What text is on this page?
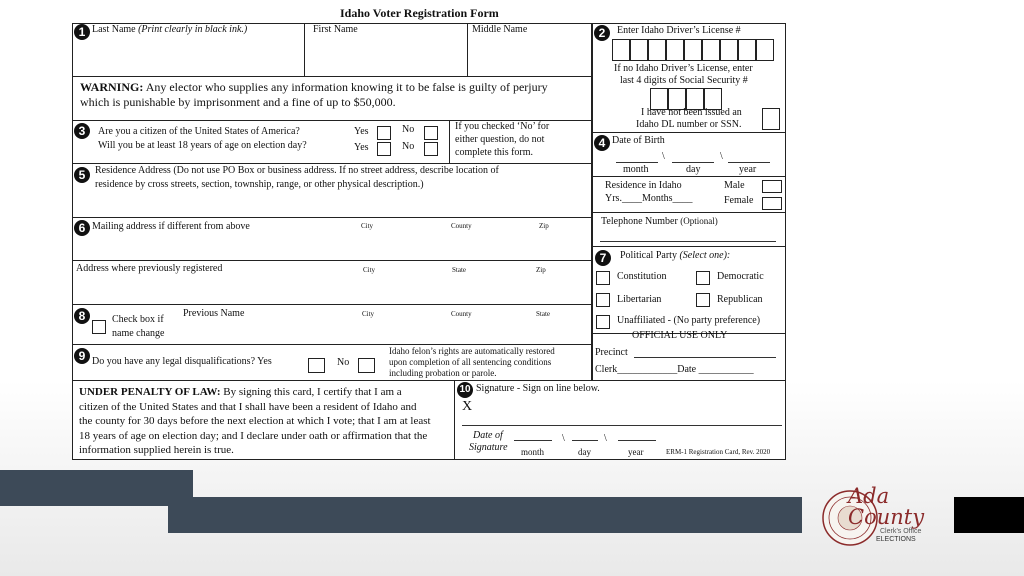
Ada County
Clerk’s Office
ELECTIONS
Idaho Voter Registration Form
1 Last Name (Print clearly in black ink.)	First Name	Middle Name
WARNING: Any elector who supplies any information knowing it to be false is guilty of perjury
which is punishable by imprisonment and a fine of up to $50,000.
2	Enter Idaho Driver’s License #
If no Idaho Driver’s License, enter
last 4 digits of Social Security #
I have not been issued an
Idaho DL number or SSN.
3	Are you a citizen of the United States of America?
Will you be at least 18 years of age on election day?
Yes	No
Yes	No
If you checked ‘No’ for
either question, do not
complete this form.
4 Date of Birth
\	\
month	day	year
5 Residence Address (Do not use PO Box or business address. If no street address, describe location of
residence by cross streets, section, township, range, or other physical description.)	Residence in Idaho
Yrs.____Months____
Male
Female
Telephone Number (Optional)
6 Mailing address if different from above	City	County	Zip
Address where previously registered	City	State	Zip
7	Political Party (Select one):
Constitution	Democratic
Libertarian	Republican
Unaffiliated - (No party preference)
8	Check box if
name change
Previous Name	City	County	State
OFFICIAL USE ONLY
Precinct
Clerk____________Date ___________
9 Do you have any legal disqualifications? Yes	No
Idaho felon’s rights are automatically restored
upon completion of all sentencing conditions
including probation or parole.
UNDER PENALTY OF LAW: By signing this card, I certify that I am a
citizen of the United States and that I shall have been a resident of Idaho and
the county for 30 days before the next election at which I vote; that I am at least
18 years of age on election day; and I declare under oath or affirmation that the
information supplied herein is true.
10 Signature - Sign on line below.
X
Date of
Signature
\	\
month	day	year	ERM-1 Registration Card, Rev. 2020
